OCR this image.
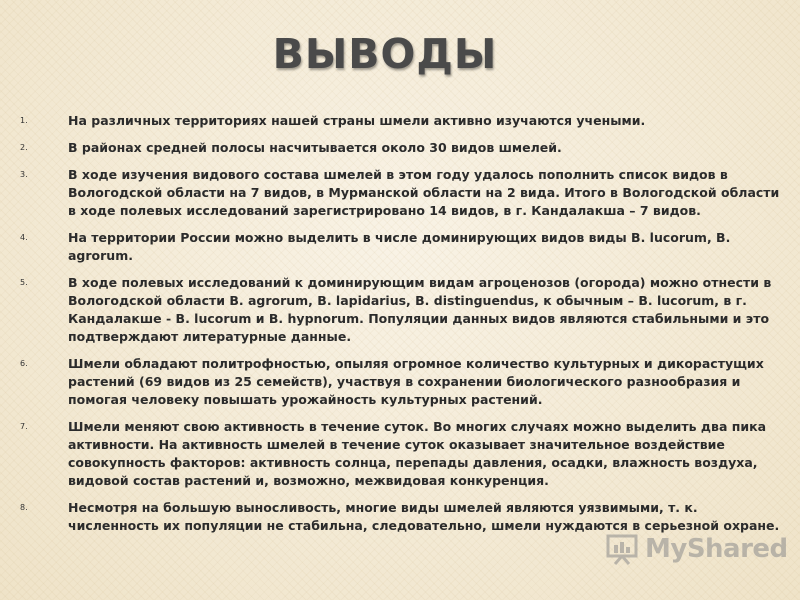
ВЫВОДЫ
1.	На различных территориях нашей страны шмели активно изучаются учеными.
2.	В районах средней полосы насчитывается около 30 видов шмелей.
3.	В ходе изучения видового состава шмелей в этом году удалось пополнить список видов в Вологодской области на 7 видов, в Мурманской области на 2 вида. Итого в Вологодской области в ходе полевых исследований зарегистрировано 14 видов, в г. Кандалакша – 7 видов.
4.	На территории России можно выделить в числе доминирующих видов виды B. lucorum, B. agrorum.
5.	В ходе полевых исследований к доминирующим видам агроценозов (огорода) можно отнести в Вологодской области B. agrorum, B. lapidarius, B. distinguendus, к обычным – B. lucorum, в г. Кандалакше - B. lucorum и B. hypnorum. Популяции данных видов являются стабильными и это подтверждают литературные данные.
6.	Шмели обладают политрофностью, опыляя огромное количество культурных и дикорастущих растений (69 видов из 25 семейств), участвуя в сохранении биологического разнообразия и помогая человеку повышать урожайность культурных растений.
7.	Шмели меняют свою активность в течение суток. Во многих случаях можно выделить два пика активности. На активность шмелей в течение суток оказывает значительное воздействие совокупность факторов: активность солнца, перепады давления, осадки, влажность воздуха, видовой состав растений и, возможно, межвидовая конкуренция.
8.	Несмотря на большую выносливость, многие виды шмелей являются уязвимыми, т. к. численность их популяции не стабильна, следовательно, шмели нуждаются в серьезной охране.
MyShared
